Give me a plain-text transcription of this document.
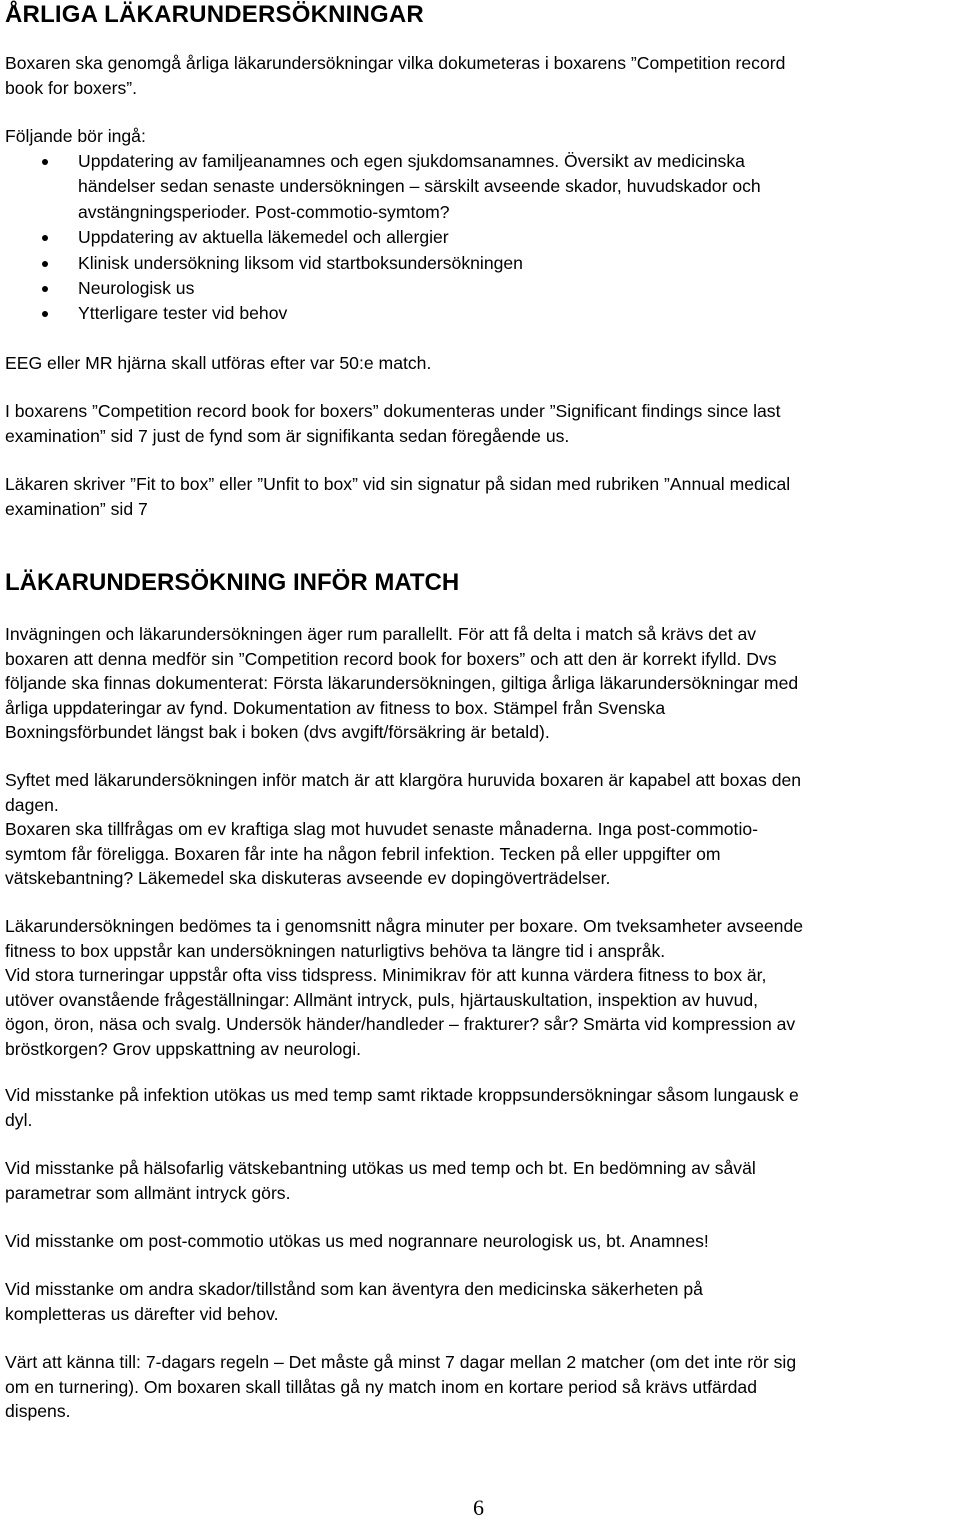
ÅRLIGA LÄKARUNDERSÖKNINGAR
Boxaren ska genomgå årliga läkarundersökningar vilka dokumeteras i boxarens ”Competition record
book for boxers”.
Följande bör ingå:
Uppdatering av familjeanamnes och egen sjukdomsanamnes. Översikt av medicinska
händelser sedan senaste undersökningen – särskilt avseende skador, huvudskador och
avstängningsperioder. Post-commotio-symtom?
Uppdatering av aktuella läkemedel och allergier
Klinisk undersökning liksom vid startboksundersökningen
Neurologisk us
Ytterligare tester vid behov
EEG eller MR hjärna skall utföras efter var 50:e match.
I boxarens ”Competition record book for boxers” dokumenteras under ”Significant findings since last
examination” sid 7 just de fynd som är signifikanta sedan föregående us.
Läkaren skriver ”Fit to box” eller ”Unfit to box” vid sin signatur på sidan med rubriken ”Annual medical
examination” sid 7
LÄKARUNDERSÖKNING INFÖR MATCH
Invägningen och läkarundersökningen äger rum parallellt. För att få delta i match så krävs det av
boxaren att denna medför sin ”Competition record book for boxers” och att den är korrekt ifylld. Dvs
följande ska finnas dokumenterat: Första läkarundersökningen, giltiga årliga läkarundersökningar med
årliga uppdateringar av fynd. Dokumentation av fitness to box. Stämpel från Svenska
Boxningsförbundet längst bak i boken (dvs avgift/försäkring är betald).
Syftet med läkarundersökningen inför match är att klargöra huruvida boxaren är kapabel att boxas den
dagen.
Boxaren ska tillfrågas om ev kraftiga slag mot huvudet senaste månaderna. Inga post-commotio-
symtom får föreligga. Boxaren får inte ha någon febril infektion. Tecken på eller uppgifter om
vätskebantning? Läkemedel ska diskuteras avseende ev dopingöverträdelser.
Läkarundersökningen bedömes ta i genomsnitt några minuter per boxare. Om tveksamheter avseende
fitness to box uppstår kan undersökningen naturligtivs behöva ta längre tid i anspråk.
Vid stora turneringar uppstår ofta viss tidspress. Minimikrav för att kunna värdera fitness to box är,
utöver ovanstående frågeställningar: Allmänt intryck, puls, hjärtauskultation, inspektion av huvud,
ögon, öron, näsa och svalg. Undersök händer/handleder – frakturer? sår? Smärta vid kompression av
bröstkorgen? Grov uppskattning av neurologi.
Vid misstanke på infektion utökas us med temp samt riktade kroppsundersökningar såsom lungausk e
dyl.
Vid misstanke på hälsofarlig vätskebantning utökas us med temp och bt. En bedömning av såväl
parametrar som allmänt intryck görs.
Vid misstanke om post-commotio utökas us med nogrannare neurologisk us, bt. Anamnes!
Vid misstanke om andra skador/tillstånd som kan äventyra den medicinska säkerheten på
kompletteras us därefter vid behov.
Värt att känna till: 7-dagars regeln – Det måste gå minst 7 dagar mellan 2 matcher (om det inte rör sig
om en turnering). Om boxaren skall tillåtas gå ny match inom en kortare period så krävs utfärdad
dispens.
6
